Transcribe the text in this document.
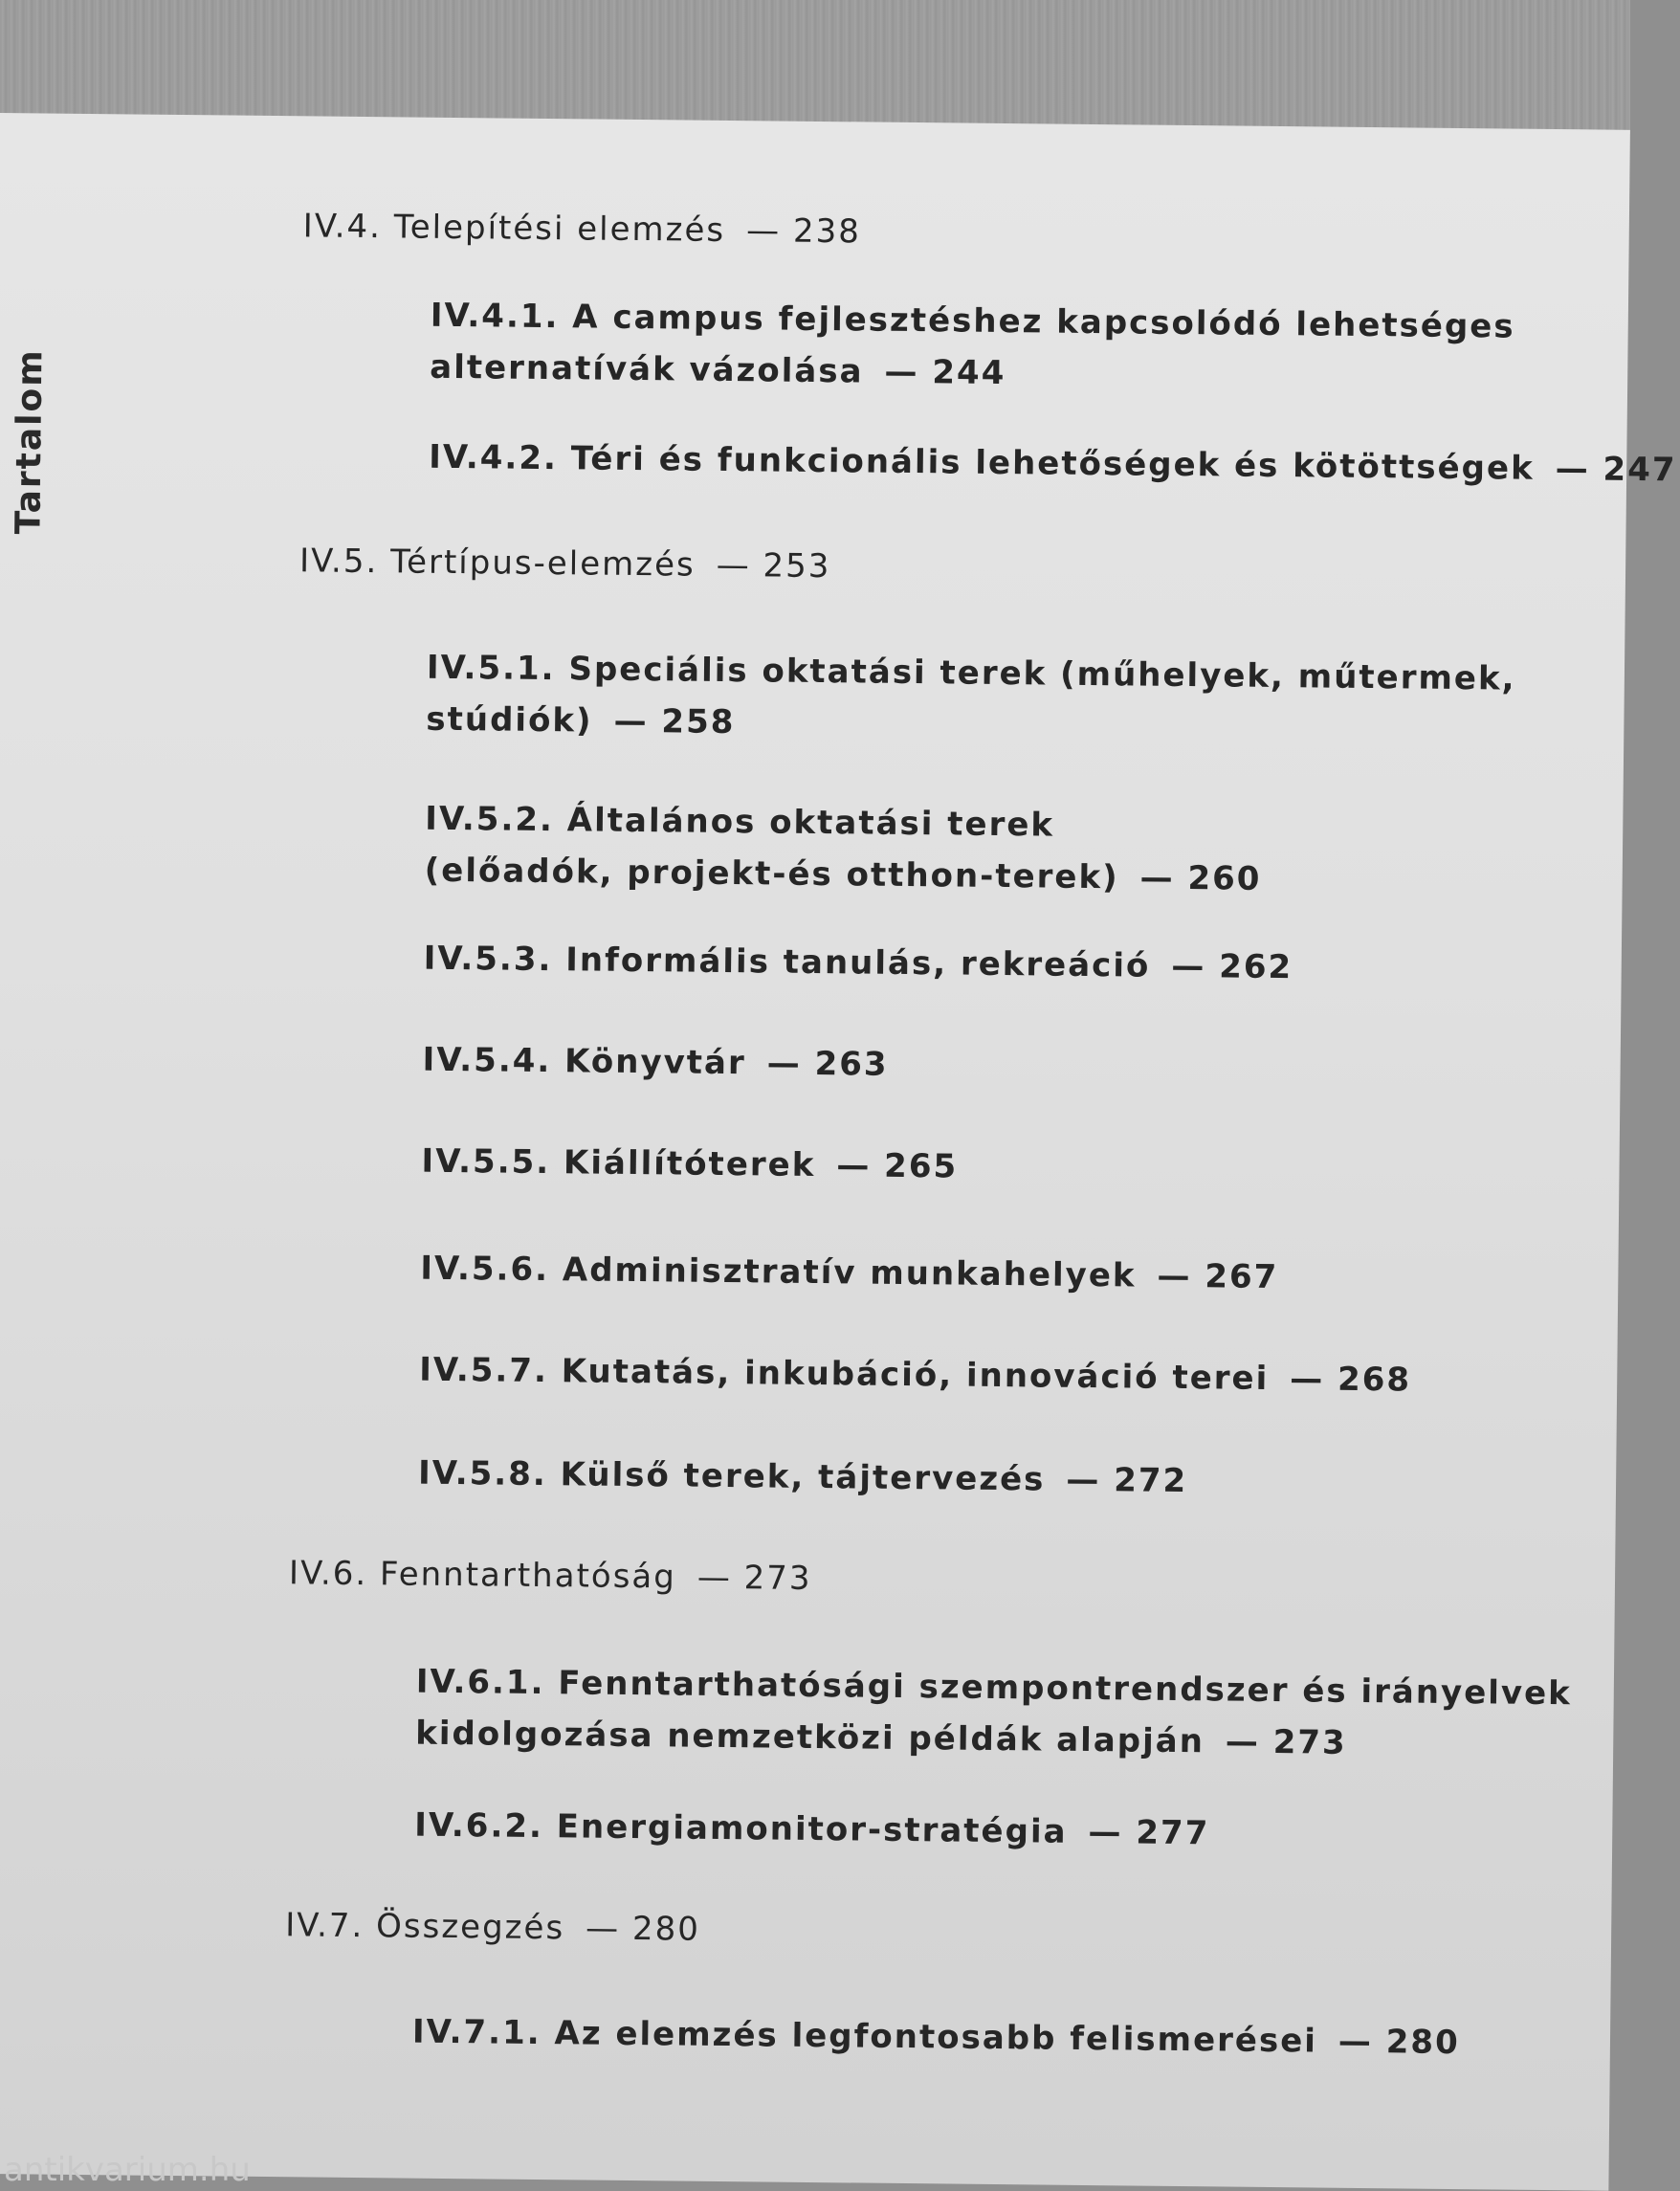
Tartalom
IV.4. Telepítési elemzés — 238
IV.4.1. A campus fejlesztéshez kapcsolódó lehetséges
alternatívák vázolása — 244
IV.4.2. Téri és funkcionális lehetőségek és kötöttségek — 247
IV.5. Tértípus-elemzés — 253
IV.5.1. Speciális oktatási terek (műhelyek, műtermek,
stúdiók) — 258
IV.5.2. Általános oktatási terek
(előadók, projekt-és otthon-terek) — 260
IV.5.3. Informális tanulás, rekreáció — 262
IV.5.4. Könyvtár — 263
IV.5.5. Kiállítóterek — 265
IV.5.6. Adminisztratív munkahelyek — 267
IV.5.7. Kutatás, inkubáció, innováció terei — 268
IV.5.8. Külső terek, tájtervezés — 272
IV.6. Fenntarthatóság — 273
IV.6.1. Fenntarthatósági szempontrendszer és irányelvek
kidolgozása nemzetközi példák alapján — 273
IV.6.2. Energiamonitor-stratégia — 277
IV.7. Összegzés — 280
IV.7.1. Az elemzés legfontosabb felismerései — 280
antikvarium.hu
